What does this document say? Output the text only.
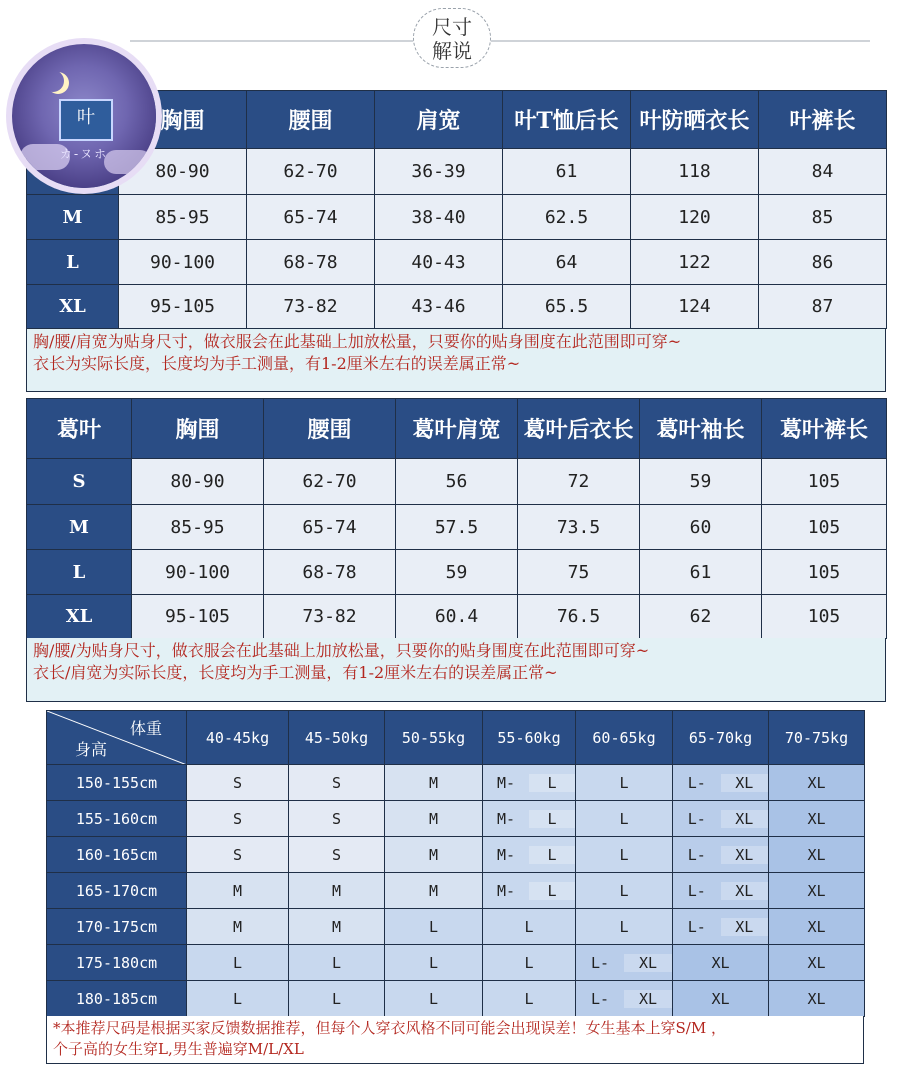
尺寸
解说
叶
カ-ヌホ
	胸围	腰围	肩宽	叶T恤后长	叶防晒衣长	叶裤长
	80-90	62-70	36-39	61	118	84
M	85-95	65-74	38-40	62.5	120	85
L	90-100	68-78	40-43	64	122	86
XL	95-105	73-82	43-46	65.5	124	87
胸/腰/肩宽为贴身尺寸，做衣服会在此基础上加放松量，只要你的贴身围度在此范围即可穿~
衣长为实际长度，长度均为手工测量，有1-2厘米左右的误差属正常~
葛叶	胸围	腰围	葛叶肩宽	葛叶后衣长	葛叶袖长	葛叶裤长
S	80-90	62-70	56	72	59	105
M	85-95	65-74	57.5	73.5	60	105
L	90-100	68-78	59	75	61	105
XL	95-105	73-82	60.4	76.5	62	105
胸/腰/为贴身尺寸，做衣服会在此基础上加放松量，只要你的贴身围度在此范围即可穿~
衣长/肩宽为实际长度，长度均为手工测量，有1-2厘米左右的误差属正常~
体重
身高	40-45kg	45-50kg	50-55kg	55-60kg	60-65kg	65-70kg	70-75kg
150-155cm	S	S	M	M- L	L	L- XL	XL
155-160cm	S	S	M	M- L	L	L- XL	XL
160-165cm	S	S	M	M- L	L	L- XL	XL
165-170cm	M	M	M	M- L	L	L- XL	XL
170-175cm	M	M	L	L	L	L- XL	XL
175-180cm	L	L	L	L	L- XL	XL	XL
180-185cm	L	L	L	L	L- XL	XL	XL
*本推荐尺码是根据买家反馈数据推荐，但每个人穿衣风格不同可能会出现误差！女生基本上穿S/M ，
个子高的女生穿L,男生普遍穿M/L/XL
